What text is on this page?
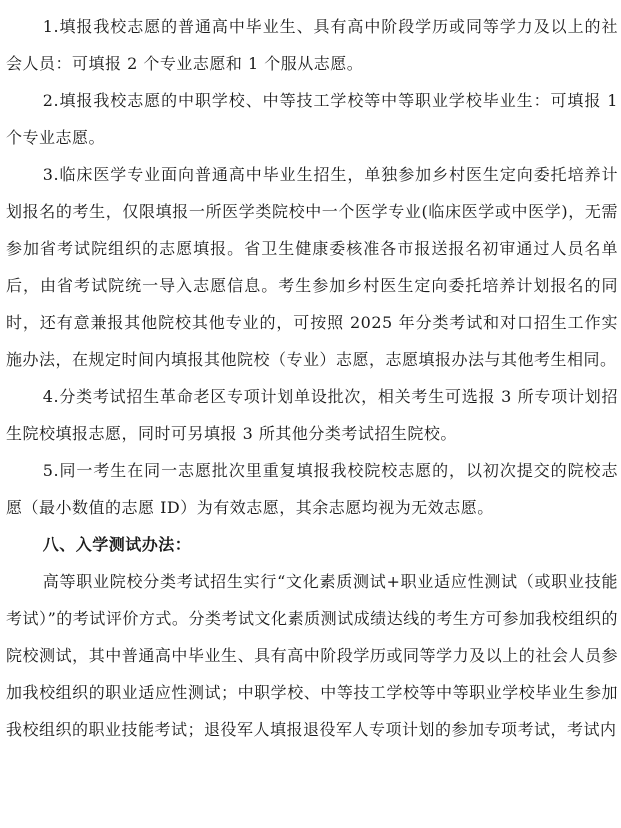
1.填报我校志愿的普通高中毕业生、具有高中阶段学历或同等学力及以上的社会人员：可填报 2 个专业志愿和 1 个服从志愿。

2.填报我校志愿的中职学校、中等技工学校等中等职业学校毕业生：可填报 1 个专业志愿。

3.临床医学专业面向普通高中毕业生招生，单独参加乡村医生定向委托培养计划报名的考生，仅限填报一所医学类院校中一个医学专业(临床医学或中医学)，无需参加省考试院组织的志愿填报。省卫生健康委核准各市报送报名初审通过人员名单后，由省考试院统一导入志愿信息。考生参加乡村医生定向委托培养计划报名的同时，还有意兼报其他院校其他专业的，可按照 2025 年分类考试和对口招生工作实施办法，在规定时间内填报其他院校（专业）志愿，志愿填报办法与其他考生相同。

4.分类考试招生革命老区专项计划单设批次，相关考生可选报 3 所专项计划招生院校填报志愿，同时可另填报 3 所其他分类考试招生院校。

5.同一考生在同一志愿批次里重复填报我校院校志愿的，以初次提交的院校志愿（最小数值的志愿 ID）为有效志愿，其余志愿均视为无效志愿。

八、入学测试办法：

高等职业院校分类考试招生实行“文化素质测试+职业适应性测试（或职业技能考试）”的考试评价方式。分类考试文化素质测试成绩达线的考生方可参加我校组织的院校测试，其中普通高中毕业生、具有高中阶段学历或同等学力及以上的社会人员参加我校组织的职业适应性测试；中职学校、中等技工学校等中等职业学校毕业生参加我校组织的职业技能考试；退役军人填报退役军人专项计划的参加专项考试，考试内
